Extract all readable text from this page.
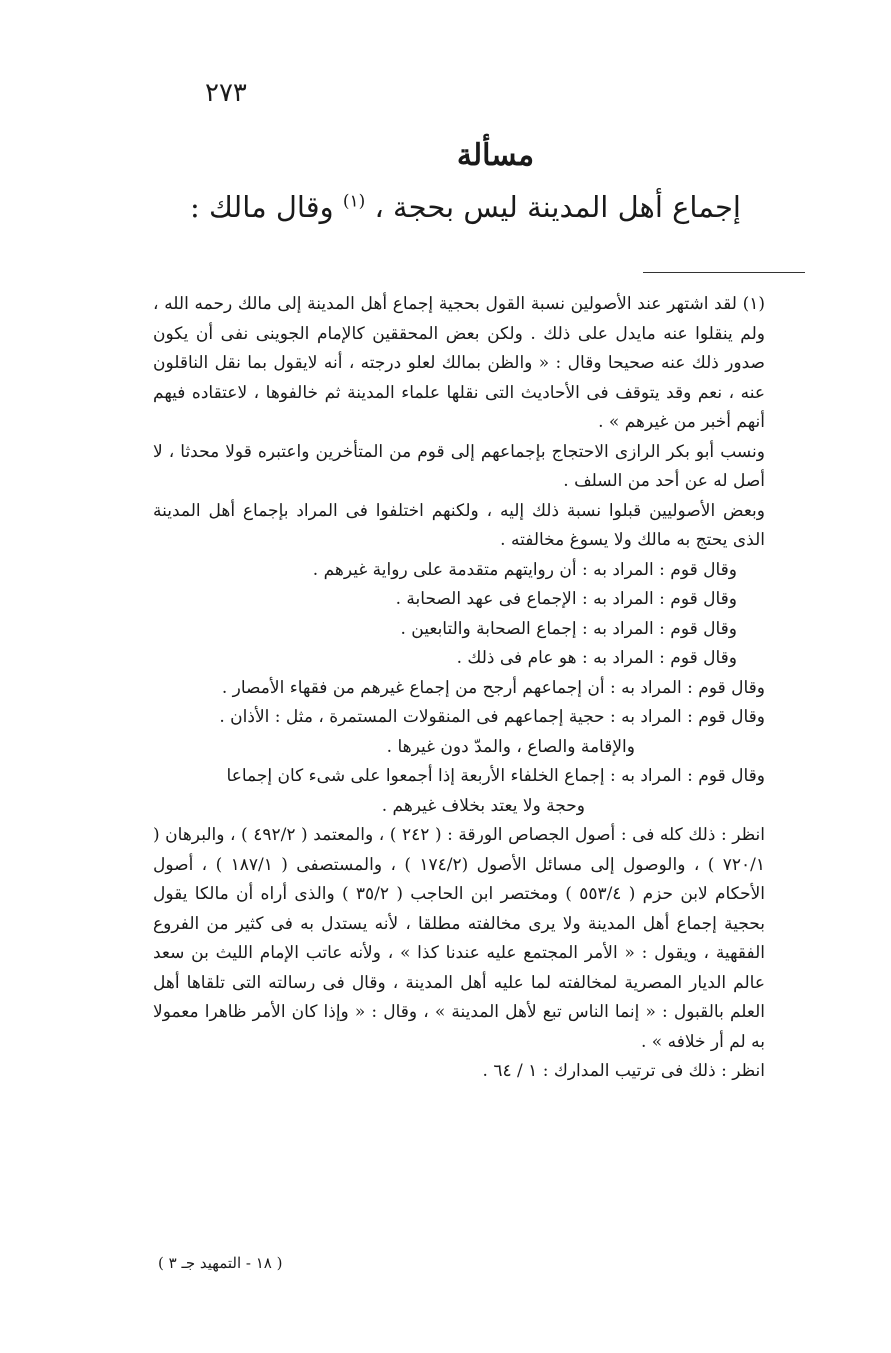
٢٧٣
مسألة
إجماع أهل المدينة ليس بحجة ، $^{(١)}$ وقال مالك :

(١) لقد اشتهر عند الأصولين نسبة القول بحجية إجماع أهل المدينة إلى مالك رحمه الله ، ولم ينقلوا عنه مايدل على ذلك . ولكن بعض المحققين كالإمام الجوينى نفى أن يكون صدور ذلك عنه صحيحا وقال : « والظن بمالك لعلو درجته ، أنه لايقول بما نقل الناقلون عنه ، نعم وقد يتوقف فى الأحاديث التى نقلها علماء المدينة ثم خالفوها ، لاعتقاده فيهم أنهم أخبر من غيرهم » .

ونسب أبو بكر الرازى الاحتجاج بإجماعهم إلى قوم من المتأخرين واعتبره قولا محدثا ، لا أصل له عن أحد من السلف .

وبعض الأصوليين قبلوا نسبة ذلك إليه ، ولكنهم اختلفوا فى المراد بإجماع أهل المدينة الذى يحتج به مالك ولا يسوغ مخالفته .

وقال قوم : المراد به : أن روايتهم متقدمة على رواية غيرهم .

وقال قوم : المراد به : الإجماع فى عهد الصحابة .

وقال قوم : المراد به : إجماع الصحابة والتابعين .

وقال قوم : المراد به : هو عام فى ذلك .

وقال قوم : المراد به : أن إجماعهم أرجح من إجماع غيرهم من فقهاء الأمصار .

وقال قوم : المراد به : حجية إجماعهم فى المنقولات المستمرة ، مثل : الأذان .

والإقامة والصاع ، والمدّ دون غيرها .

وقال قوم : المراد به : إجماع الخلفاء الأربعة إذا أجمعوا على شىء كان إجماعا

وحجة ولا يعتد بخلاف غيرهم .

انظر : ذلك كله فى : أصول الجصاص الورقة : ( ٢٤٢ ) ، والمعتمد ( ٤٩٢/٢ ) ، والبرهان ( ٧٢٠/١ ) ، والوصول إلى مسائل الأصول (١٧٤/٢ ) ، والمستصفى ( ١٨٧/١ ) ، أصول الأحكام لابن حزم ( ٥٥٣/٤ ) ومختصر ابن الحاجب ( ٣٥/٢ ) والذى أراه أن مالكا يقول بحجية إجماع أهل المدينة ولا يرى مخالفته مطلقا ، لأنه يستدل به فى كثير من الفروع الفقهية ، ويقول : « الأمر المجتمع عليه عندنا كذا » ، ولأنه عاتب الإمام الليث بن سعد عالم الديار المصرية لمخالفته لما عليه أهل المدينة ، وقال فى رسالته التى تلقاها أهل العلم بالقبول : « إنما الناس تبع لأهل المدينة » ، وقال : « وإذا كان الأمر ظاهرا معمولا به لم أر خلافه » .

انظر : ذلك فى ترتيب المدارك : ١ / ٦٤ .

( ١٨ - التمهيد جـ ٣ )
